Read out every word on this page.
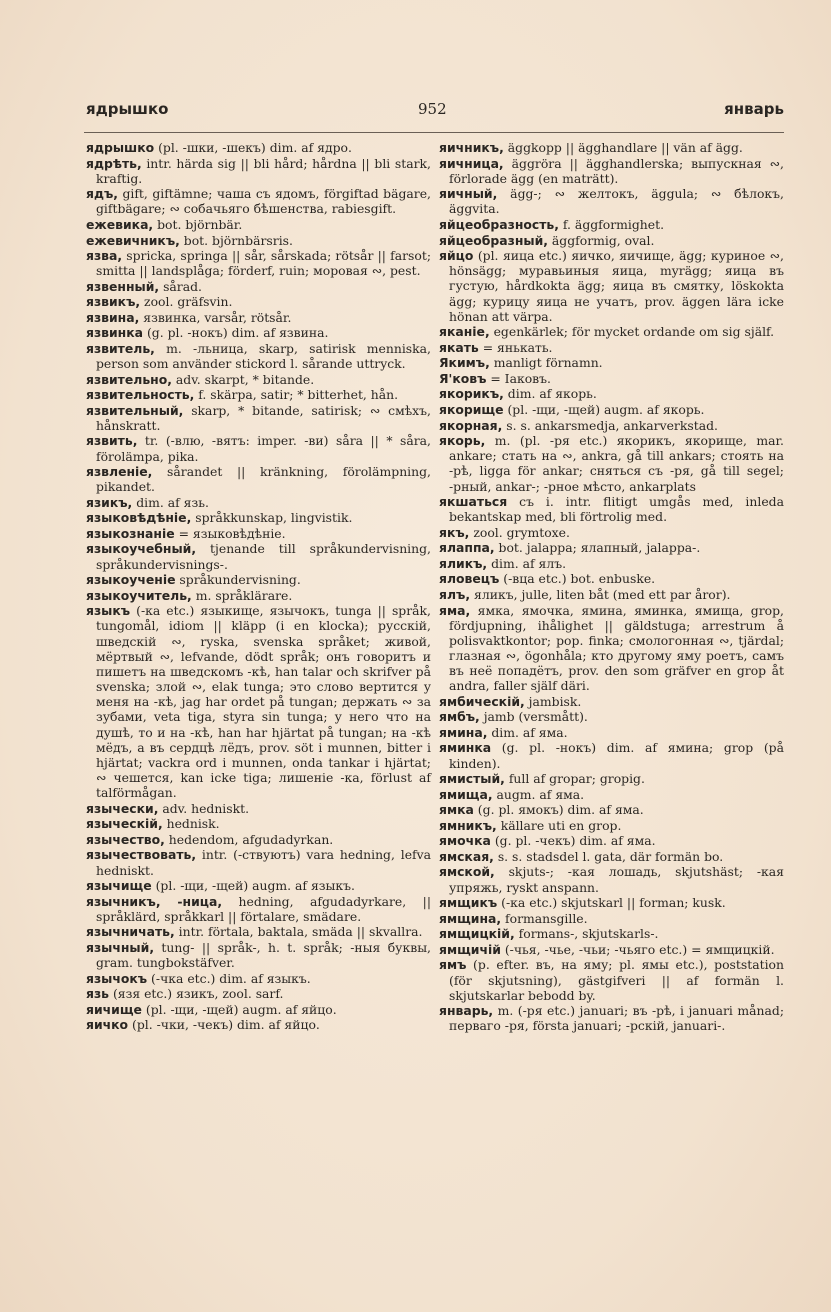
ядрышко	952	январь
ядрышко (pl. -шки, -шекъ) dim. af ядро.
ядрѣть, intr. härda sig || bli hård; hårdna || bli stark, kraftig.
ядъ, gift, giftämne; чаша съ ядомъ, förgiftad bägare, giftbägare; ∾ собачьяго бѣшенства, rabiesgift.
ежевика, bot. björnbär.
ежевичникъ, bot. björnbärsris.
язва, spricka, springa || sår, sårskada; rötsår || farsot; smitta || landsplåga; förderf, ruin; моровая ∾, pest.
язвенный, sårad.
язвикъ, zool. gräfsvin.
язвина, язвинка, varsår, rötsår.
язвинка (g. pl. -нокъ) dim. af язвина.
язвитель, m. -льница, skarp, satirisk menniska, person som använder stickord l. sårande uttryck.
язвительно, adv. skarpt, * bitande.
язвительность, f. skärpa, satir; * bitterhet, hån.
язвительный, skarp, * bitande, satirisk; ∾ смѣхъ, hånskratt.
язвить, tr. (-влю, -вятъ: imper. -ви) såra || * såra, förolämpa, pika.
язвленіе, sårandet || kränkning, förolämpning, pikandet.
язикъ, dim. af язь.
языковѣдѣніе, språkkunskap, lingvistik.
языкознаніе = языковѣдѣніе.
языкоучебный, tjenande till språkundervisning, språkundervisnings-.
языкоученіе språkundervisning.
языкоучитель, m. språklärare.
языкъ (-ка etc.) языкище, язычокъ, tunga || språk, tungomål, idiom || kläpp (i en klocka); русскій, шведскій ∾, ryska, svenska språket; живой, мёртвый ∾, lefvande, dödt språk; онъ говоритъ и пишетъ на шведскомъ -кѣ, han talar och skrifver på svenska; злой ∾, elak tunga; это слово вертится у меня на -кѣ, jag har ordet på tungan; держать ∾ за зубами, veta tiga, styra sin tunga; у него что на душѣ, то и на -кѣ, han har hjärtat på tungan; на -кѣ мёдъ, а въ сердцѣ лёдъ, prov. söt i munnen, bitter i hjärtat; vackra ord i munnen, onda tankar i hjärtat; ∾ чешется, kan icke tiga; лишеніе -ка, förlust af talförmågan.
язычески, adv. hedniskt.
языческій, hednisk.
язычество, hedendom, afgudadyrkan.
язычествовать, intr. (-ствуютъ) vara hedning, lefva hedniskt.
язычище (pl. -щи, -щей) augm. af языкъ.
язычникъ, -ница, hedning, afgudadyrkare, || språklärd, språkkarl || förtalare, smädare.
язычничать, intr. förtala, baktala, smäda || skvallra.
язычный, tung- || språk-, h. t. språk; -ныя буквы, gram. tungbokstäfver.
язычокъ (-чка etc.) dim. af языкъ.
язь (язя etc.) язикъ, zool. sarf.
яичище (pl. -щи, -щей) augm. af яйцо.
яичко (pl. -чки, -чекъ) dim. af яйцо.
яичникъ, äggkopp || ägghandlare || vän af ägg.
яичница, äggröra || ägghandlerska; выпускная ∾, förlorade ägg (en maträtt).
яичный, ägg-; ∾ желтокъ, äggula; ∾ бѣлокъ, äggvita.
яйцеобразность, f. äggformighet.
яйцеобразный, äggformig, oval.
яйцо (pl. яица etc.) яичко, яичище, ägg; куриное ∾, hönsägg; муравьиныя яица, myrägg; яица въ густую, hårdkokta ägg; яица въ смятку, löskokta ägg; курицу яица не учатъ, prov. äggen lära icke hönan att värpa.
яканіе, egenkärlek; för mycket ordande om sig själf.
якать = янькать.
Якимъ, manligt förnamn.
Я'ковъ = Іаковъ.
якорикъ, dim. af якорь.
якорище (pl. -щи, -щей) augm. af якорь.
якорная, s. s. ankarsmedja, ankarverkstad.
якорь, m. (pl. -ря etc.) якорикъ, якорище, mar. ankare; стать на ∾, ankra, gå till ankars; стоять на -рѣ, ligga för ankar; сняться съ -ря, gå till segel; -рный, ankar-; -рное мѣсто, ankarplats
якшаться съ i. intr. flitigt umgås med, inleda bekantskap med, bli förtrolig med.
якъ, zool. grymtoxe.
ялаппа, bot. jalappa; ялапный, jalappa-.
яликъ, dim. af ялъ.
яловецъ (-вца etc.) bot. enbuske.
ялъ, яликъ, julle, liten båt (med ett par åror).
яма, ямка, ямочка, ямина, яминка, ямища, grop, fördjupning, ihålighet || gäldstuga; arrestrum å polisvaktkontor; pop. finka; смологонная ∾, tjärdal; глазная ∾, ögonhåla; кто другому яму роетъ, самъ въ неё попадётъ, prov. den som gräfver en grop åt andra, faller själf däri.
ямбическій, jambisk.
ямбъ, jamb (versmått).
ямина, dim. af яма.
яминка (g. pl. -нокъ) dim. af ямина; grop (på kinden).
ямистый, full af gropar; gropig.
ямища, augm. af яма.
ямка (g. pl. ямокъ) dim. af яма.
ямникъ, källare uti en grop.
ямочка (g. pl. -чекъ) dim. af яма.
ямская, s. s. stadsdel l. gata, där formän bo.
ямской, skjuts-; -кая лошадь, skjutshäst; -кая упряжь, ryskt anspann.
ямщикъ (-ка etc.) skjutskarl || forman; kusk.
ямщина, formansgille.
ямщицкій, formans-, skjutskarls-.
ямщичій (-чья, -чье, -чьи; -чьяго etc.) = ямщицкій.
ямъ (p. efter. въ, на яму; pl. ямы etc.), poststation (för skjutsning), gästgifveri || af formän l. skjutskarlar bebodd by.
январь, m. (-ря etc.) januari; въ -рѣ, i januari månad; перваго -ря, första januari; -рскій, januari-.
